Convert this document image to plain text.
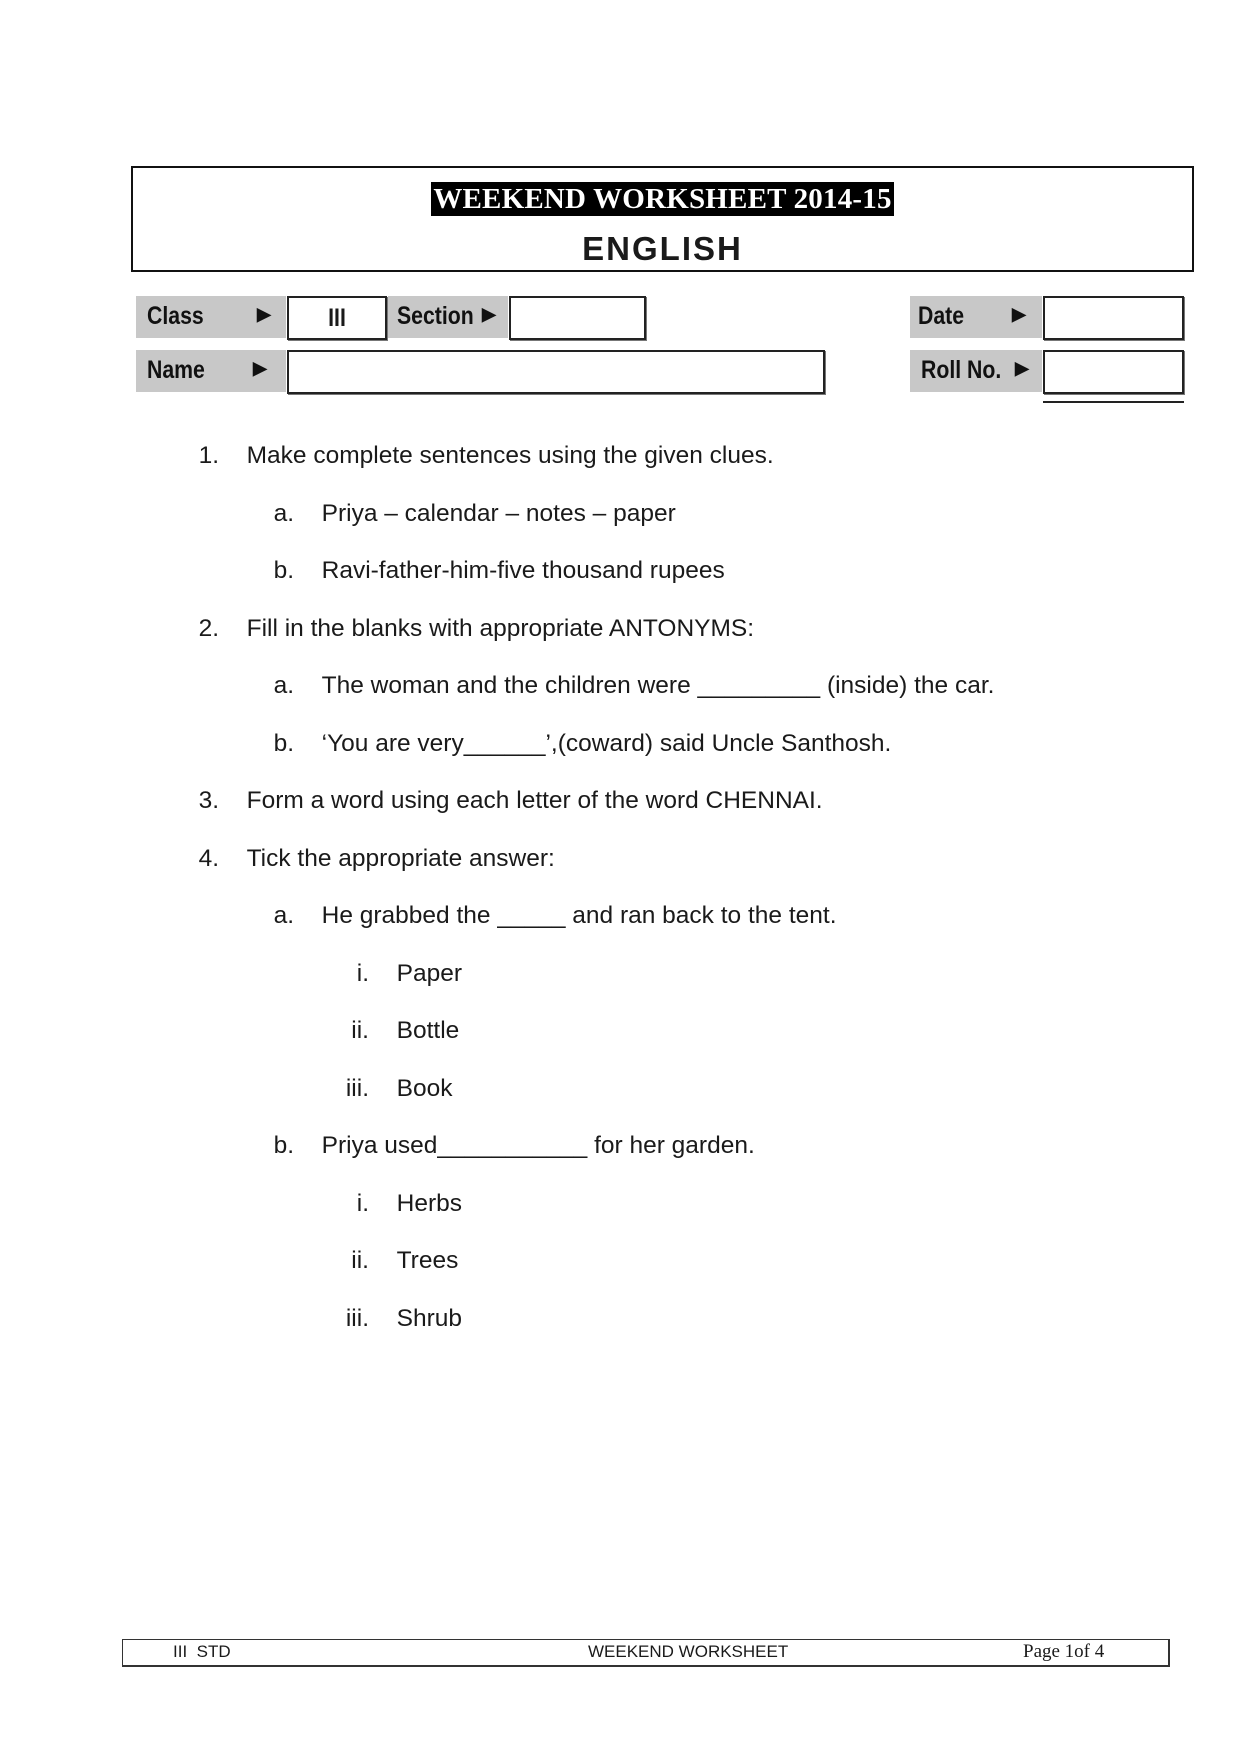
WEEKEND WORKSHEET 2014-15
ENGLISH
Class	▶	III	Section ▶	Date	▶
Name	▶	Roll No. ▶

1. Make complete sentences using the given clues.

a. Priya – calendar – notes – paper

b. Ravi-father-him-five thousand rupees

2. Fill in the blanks with appropriate ANTONYMS:

a. The woman and the children were _________ (inside) the car.

b. ‘You are very______’,(coward) said Uncle Santhosh.

3. Form a word using each letter of the word CHENNAI.

4. Tick the appropriate answer:

a. He grabbed the _____ and ran back to the tent.

i. Paper

ii. Bottle

iii. Book

b. Priya used___________ for her garden.

i. Herbs

ii. Trees

iii. Shrub

III  STD	WEEKEND WORKSHEET	Page 1of 4
